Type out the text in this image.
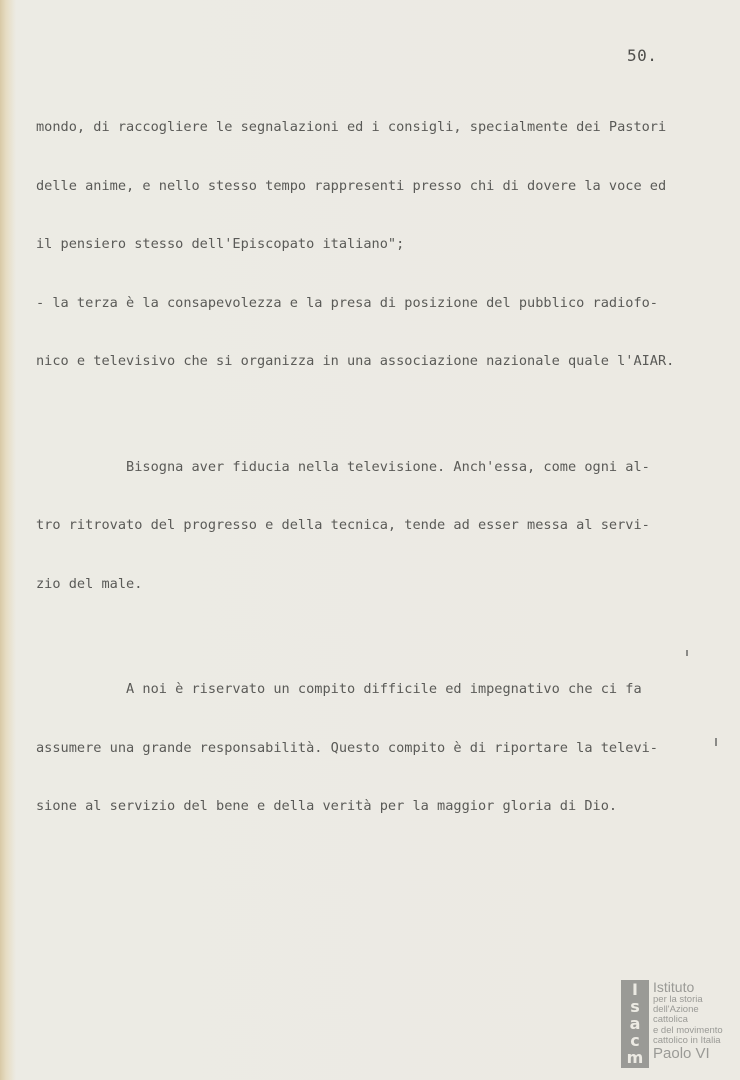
50.

mondo, di raccogliere le segnalazioni ed i consigli, specialmente dei Pastori

delle anime, e nello stesso tempo rappresenti presso chi di dovere la voce ed

il pensiero stesso dell'Episcopato italiano";

- la terza è la consapevolezza e la presa di posizione del pubblico radiofo-

nico e televisivo che si organizza in una associazione nazionale quale l'AIAR.

Bisogna aver fiducia nella televisione. Anch'essa, come ogni al-

tro ritrovato del progresso e della tecnica, tende ad esser messa al servi-

zio del male.

A noi è riservato un compito difficile ed impegnativo che ci fa

assumere una grande responsabilità. Questo compito è di riportare la televi-

sione al servizio del bene e della verità per la maggior gloria di Dio.

I
s
a
c
m
Istituto
per la storia
dell'Azione cattolica
e del movimento
cattolico in Italia
Paolo VI
